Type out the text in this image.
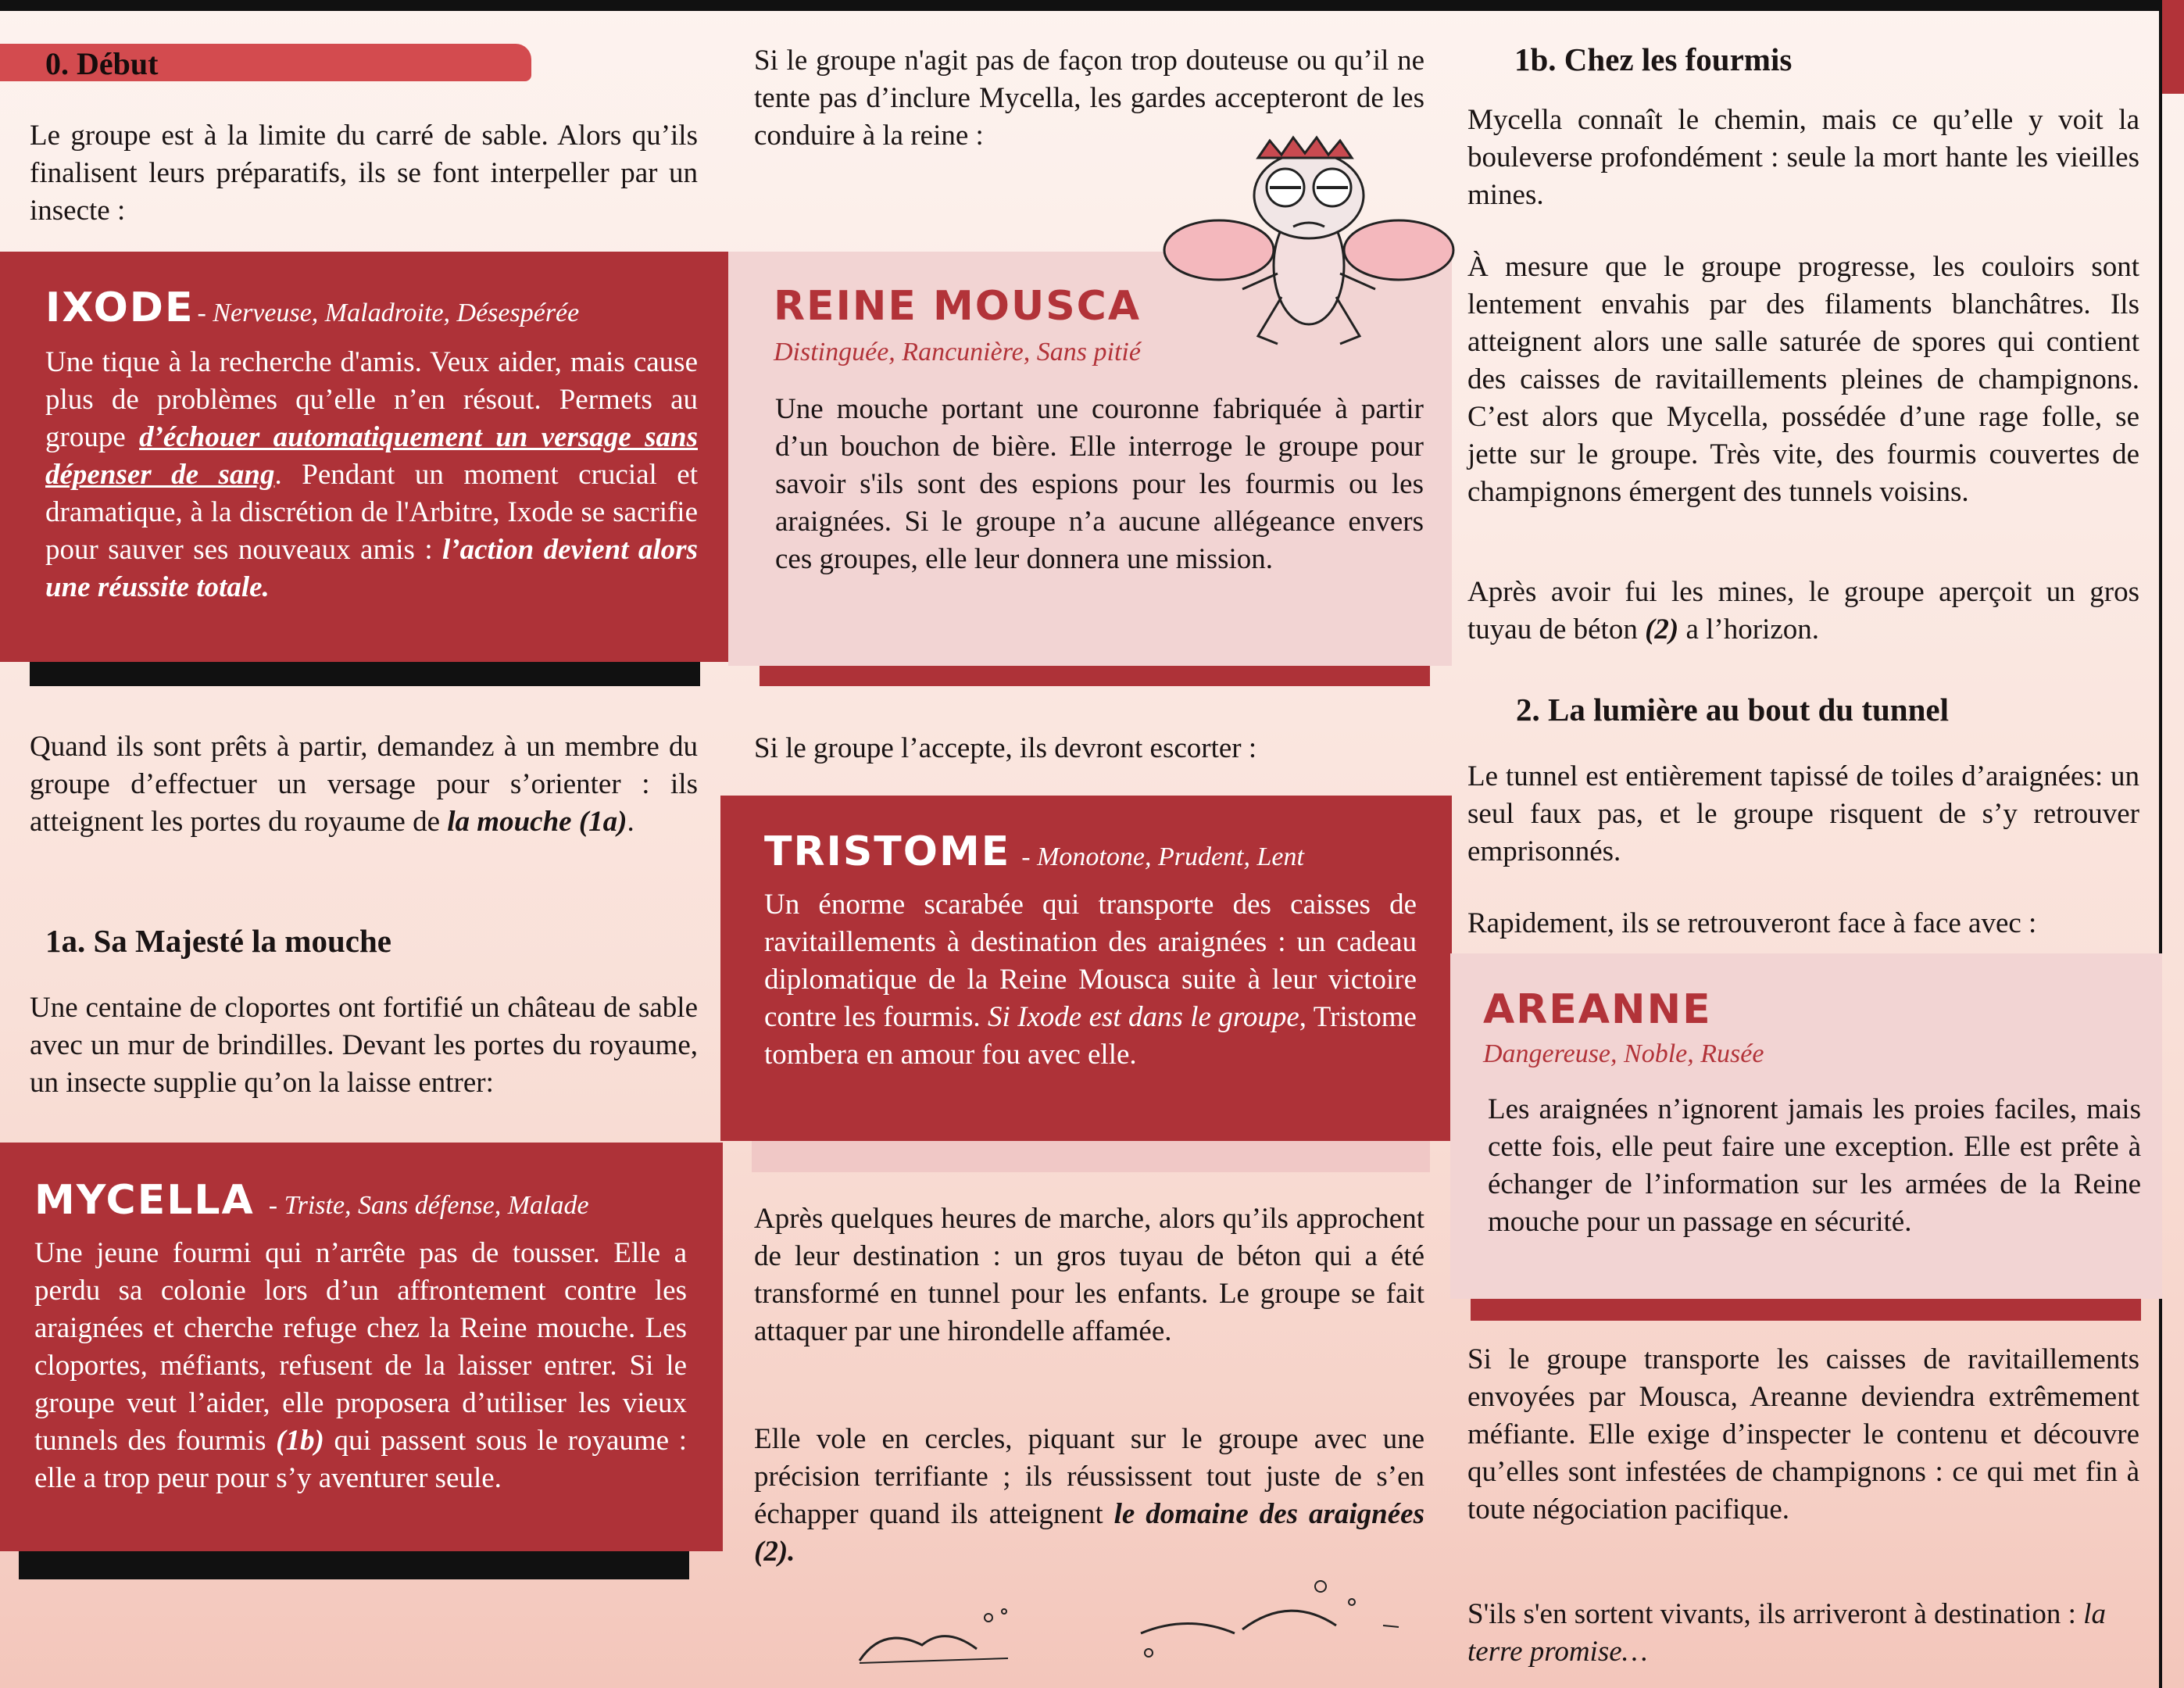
0. Début

Le groupe est à la limite du carré de sable. Alors qu’ils finalisent leurs préparatifs, ils se font interpeller par un insecte :

IXODE - Nerveuse, Maladroite, Désespérée

Une tique à la recherche d'amis. Veux aider, mais cause plus de problèmes qu’elle n’en résout. Permets au groupe d’échouer automatiquement un versage sans dépenser de sang. Pendant un moment crucial et dramatique, à la discrétion de l'Arbitre, Ixode se sacrifie pour sauver ses nouveaux amis : l’action devient alors une réussite totale.

Quand ils sont prêts à partir, demandez à un membre du groupe d’effectuer un versage pour s’orienter : ils atteignent les portes du royaume de la mouche (1a).

1a. Sa Majesté la mouche

Une centaine de cloportes ont fortifié un château de sable avec un mur de brindilles. Devant les portes du royaume, un insecte supplie qu’on la laisse entrer:

MYCELLA - Triste, Sans défense, Malade

Une jeune fourmi qui n’arrête pas de tousser. Elle a perdu sa colonie lors d’un affrontement contre les araignées et cherche refuge chez la Reine mouche. Les cloportes, méfiants, refusent de la laisser entrer. Si le groupe veut l’aider, elle proposera d’utiliser les vieux tunnels des fourmis (1b) qui passent sous le royaume : elle a trop peur pour s’y aventurer seule.

Si le groupe n'agit pas de façon trop douteuse ou qu’il ne tente pas d’inclure Mycella, les gardes accepteront de les conduire à la reine :

REINE MOUSCA
Distinguée, Rancunière, Sans pitié

Une mouche portant une couronne fabriquée à partir d’un bouchon de bière. Elle interroge le groupe pour savoir s'ils sont des espions pour les fourmis ou les araignées. Si le groupe n’a aucune allégeance envers ces groupes, elle leur donnera une mission.

Si le groupe l’accepte, ils devront escorter :

TRISTOME - Monotone, Prudent, Lent

Un énorme scarabée qui transporte des caisses de ravitaillements à destination des araignées : un cadeau diplomatique de la Reine Mousca suite à leur victoire contre les fourmis. Si Ixode est dans le groupe, Tristome tombera en amour fou avec elle.

Après quelques heures de marche, alors qu’ils approchent de leur destination : un gros tuyau de béton qui a été transformé en tunnel pour les enfants. Le groupe se fait attaquer par une hirondelle affamée.

Elle vole en cercles, piquant sur le groupe avec une précision terrifiante ; ils réussissent tout juste de s’en échapper quand ils atteignent le domaine des araignées (2).

1b. Chez les fourmis

Mycella connaît le chemin, mais ce qu’elle y voit la bouleverse profondément : seule la mort hante les vieilles mines.

À mesure que le groupe progresse, les couloirs sont lentement envahis par des filaments blanchâtres. Ils atteignent alors une salle saturée de spores qui contient des caisses de ravitaillements pleines de champignons. C’est alors que Mycella, possédée d’une rage folle, se jette sur le groupe. Très vite, des fourmis couvertes de champignons émergent des tunnels voisins.

Après avoir fui les mines, le groupe aperçoit un gros tuyau de béton (2) a l’horizon.

2. La lumière au bout du tunnel

Le tunnel est entièrement tapissé de toiles d’araignées: un seul faux pas, et le groupe risquent de s’y retrouver emprisonnés.

Rapidement, ils se retrouveront face à face avec :

AREANNE
Dangereuse, Noble, Rusée

Les araignées n’ignorent jamais les proies faciles, mais cette fois, elle peut faire une exception. Elle est prête à échanger de l’information sur les armées de la Reine mouche pour un passage en sécurité.

Si le groupe transporte les caisses de ravitaillements envoyées par Mousca, Areanne deviendra extrêmement méfiante. Elle exige d’inspecter le contenu et découvre qu’elles sont infestées de champignons : ce qui met fin à toute négociation pacifique.

S'ils s'en sortent vivants, ils arriveront à destination : la terre promise…
